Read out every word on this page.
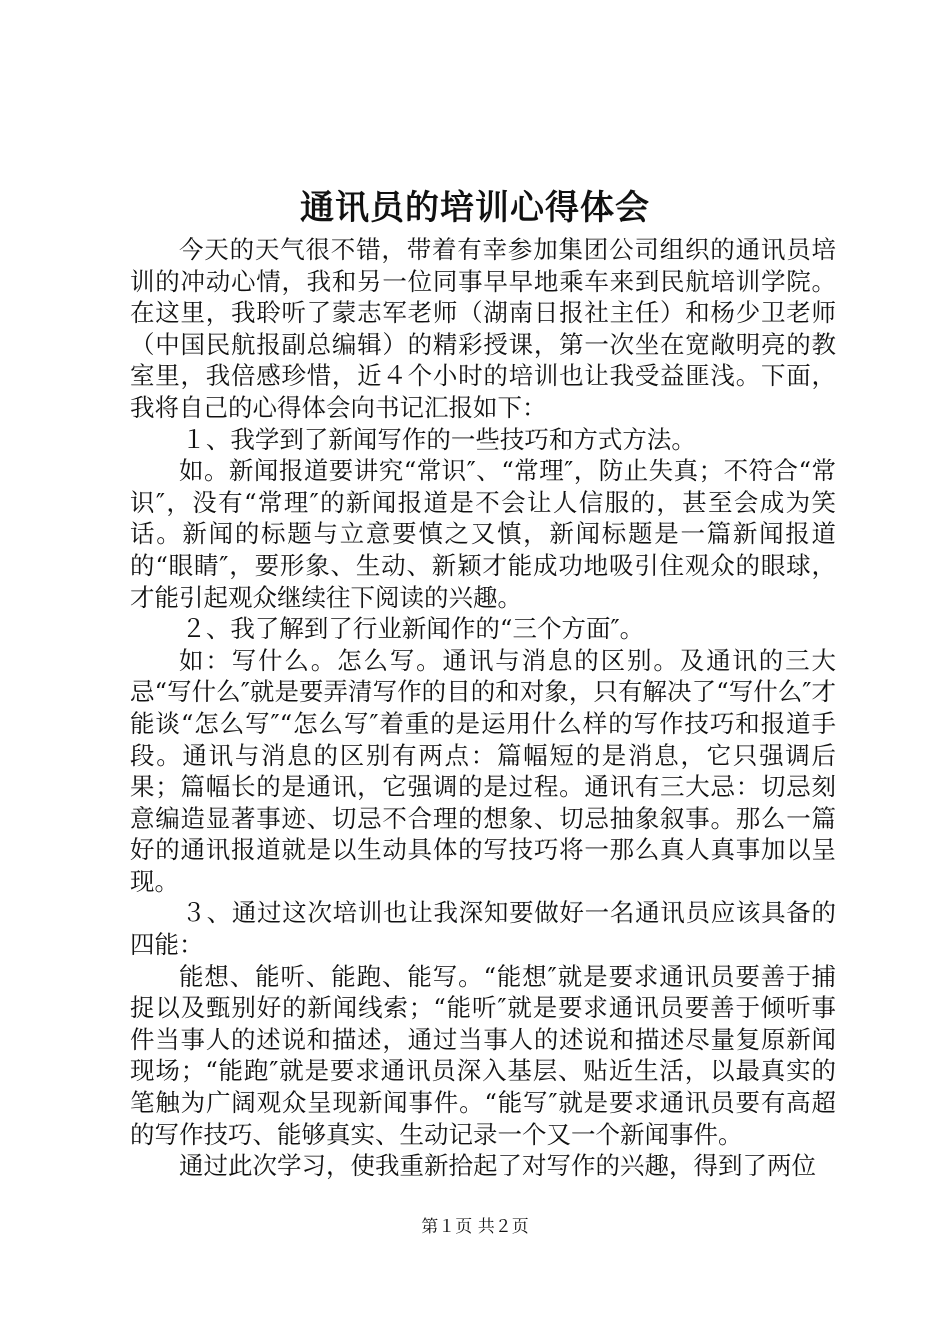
通讯员的培训心得体会

今天的天气很不错，带着有幸参加集团公司组织的通讯员培训的冲动心情，我和另一位同事早早地乘车来到民航培训学院。在这里，我聆听了蒙志军老师（湖南日报社主任）和杨少卫老师（中国民航报副总编辑）的精彩授课，第一次坐在宽敞明亮的教室里，我倍感珍惜，近４个小时的培训也让我受益匪浅。下面，我将自己的心得体会向书记汇报如下：

１、我学到了新闻写作的一些技巧和方式方法。

如。新闻报道要讲究“常识″、“常理″，防止失真；不符合“常识″，没有“常理″的新闻报道是不会让人信服的，甚至会成为笑话。新闻的标题与立意要慎之又慎，新闻标题是一篇新闻报道的“眼睛″，要形象、生动、新颖才能成功地吸引住观众的眼球，才能引起观众继续往下阅读的兴趣。

２、我了解到了行业新闻作的“三个方面″。

如：写什么。怎么写。通讯与消息的区别。及通讯的三大忌“写什么″就是要弄清写作的目的和对象，只有解决了“写什么″才能谈“怎么写″“怎么写″着重的是运用什么样的写作技巧和报道手段。通讯与消息的区别有两点：篇幅短的是消息，它只强调后果；篇幅长的是通讯，它强调的是过程。通讯有三大忌：切忌刻意编造显著事迹、切忌不合理的想象、切忌抽象叙事。那么一篇好的通讯报道就是以生动具体的写技巧将一那么真人真事加以呈现。

３、通过这次培训也让我深知要做好一名通讯员应该具备的四能：

能想、能听、能跑、能写。“能想″就是要求通讯员要善于捕捉以及甄别好的新闻线索；“能听″就是要求通讯员要善于倾听事件当事人的述说和描述，通过当事人的述说和描述尽量复原新闻现场；“能跑″就是要求通讯员深入基层、贴近生活，以最真实的笔触为广阔观众呈现新闻事件。“能写″就是要求通讯员要有高超的写作技巧、能够真实、生动记录一个又一个新闻事件。

通过此次学习，使我重新拾起了对写作的兴趣，得到了两位

第１页 共２页
